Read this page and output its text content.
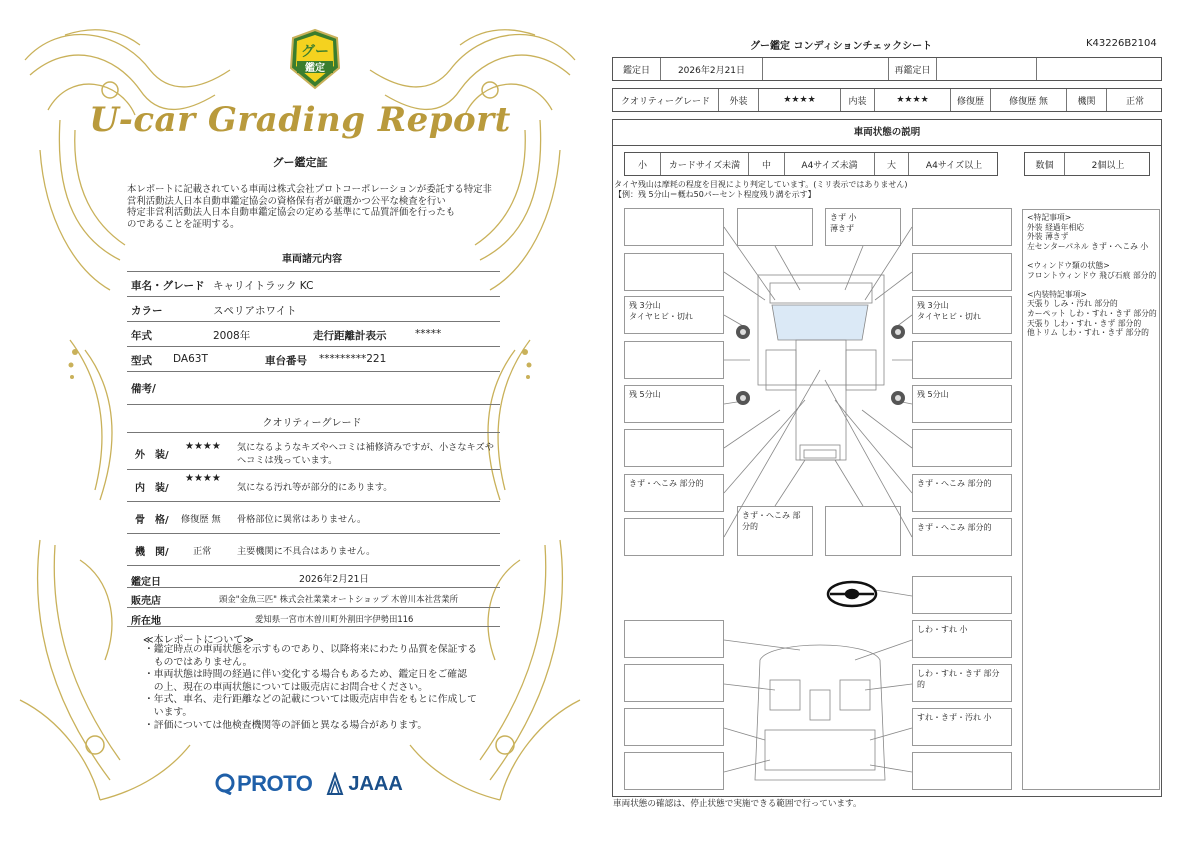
グー
鑑定
U-car Grading Report
グー鑑定証
本レポートに記載されている車両は株式会社プロトコーポレーションが委託する特定非
営利活動法人日本自動車鑑定協会の資格保有者が厳選かつ公平な検査を行い
特定非営利活動法人日本自動車鑑定協会の定める基準にて品質評価を行ったも
のであることを証明する。
車両諸元内容
車名・グレード キャリイトラック KC
カラー	スペリアホワイト
年式	2008年	走行距離計表示	*****
型式 DA63T	車台番号 *********221
備考/
クオリティーグレード
外　装/
★★★★ 気になるようなキズやヘコミは補修済みですが、小さなキズや
ヘコミは残っています。
内　装/
★★★★
気になる汚れ等が部分的にあります。
骨　格/ 修復歴 無 骨格部位に異常はありません。
機　関/	正常	主要機関に不具合はありません。
鑑定日	2026年2月21日
販売店	頭金"金魚三匹" 株式会社業業オートショップ 木曽川本社営業所
所在地	愛知県一宮市木曽川町外割田字伊勢田116
≪本レポートについて≫
・鑑定時点の車両状態を示すものであり、以降将来にわたり品質を保証する
　ものではありません。
・車両状態は時間の経過に伴い変化する場合もあるため、鑑定日をご確認
　の上、現在の車両状態については販売店にお問合せください。
・年式、車名、走行距離などの記載については販売店申告をもとに作成して
　います。
・評価については他検査機関等の評価と異なる場合があります。
PROTO JAAA
グー鑑定 コンディションチェックシート	K43226B2104
鑑定日	2026年2月21日	再鑑定日
クオリティーグレード	外装	★★★★	内装	★★★★	修復歴	修復歴 無	機関	正常
車両状態の説明
小	カードサイズ未満	中	A4サイズ未満	大	A4サイズ以上	数個	2個以上
タイヤ残山は摩耗の程度を目視により判定しています。(ミリ表示ではありません)
【例：残 5分山＝概ね50パーセント程度残り溝を示す】
残 3分山
タイヤヒビ・切れ
残 5分山
きず・へこみ 部分的
きず 小
薄きず
残 3分山
タイヤヒビ・切れ
残 5分山
きず・へこみ 部分的
きず・へこみ 部分的
きず・へこみ 部分的
しわ・すれ 小
しわ・すれ・きず 部分的
すれ・きず・汚れ 小
<特記事項>
外装 経過年相応
外装 薄きず
左センターパネル きず・へこみ 小

<ウィンドウ類の状態>
フロントウィンドウ 飛び石痕 部分的

<内装特記事項>
天張り しみ・汚れ 部分的
カーペット しわ・すれ・きず 部分的
天張り しわ・すれ・きず 部分的
他トリム しわ・すれ・きず 部分的
車両状態の確認は、停止状態で実施できる範囲で行っています。
